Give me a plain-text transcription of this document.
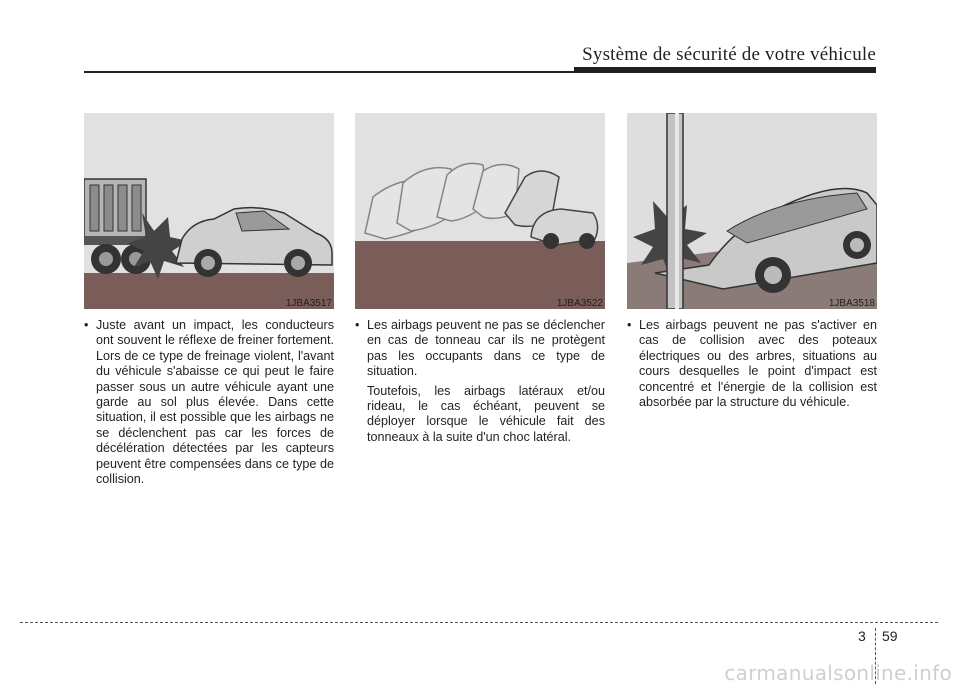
Système de sécurité de votre véhicule
1JBA3517	1JBA3522	1JBA3518
• Juste avant un impact, les conducteurs ont souvent le réflexe de freiner fortement. Lors de ce type de freinage violent, l'avant du véhicule s'abaisse ce qui peut le faire passer sous un autre véhicule ayant une garde au sol plus élevée. Dans cette situation, il est possible que les airbags ne se déclenchent pas car les forces de décélération détectées par les capteurs peuvent être compensées dans ce type de collision.
• Les airbags peuvent ne pas se déclencher en cas de tonneau car ils ne protègent pas les occupants dans ce type de situation.
Toutefois, les airbags latéraux et/ou rideau, le cas échéant, peuvent se déployer lorsque le véhicule fait des tonneaux à la suite d'un choc latéral.
• Les airbags peuvent ne pas s'activer en cas de collision avec des poteaux électriques ou des arbres, situations au cours desquelles le point d'impact est concentré et l'énergie de la collision est absorbée par la structure du véhicule.
3 59
carmanualsonline.info
